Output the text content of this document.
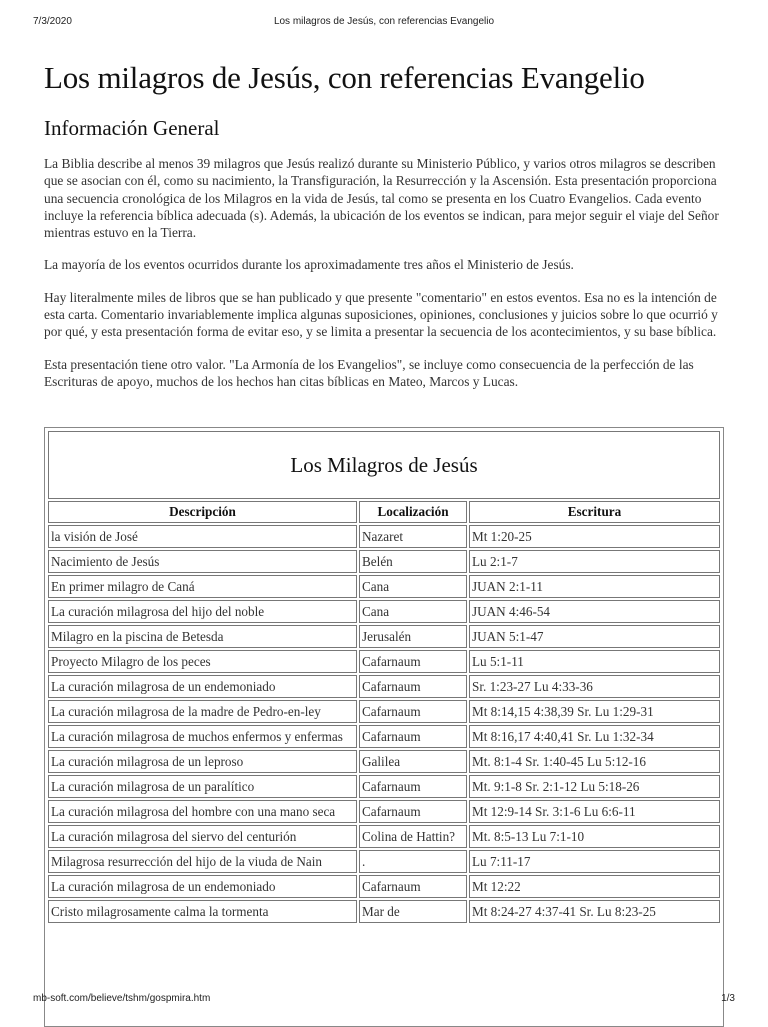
7/3/2020	Los milagros de Jesús, con referencias Evangelio
Los milagros de Jesús, con referencias Evangelio
Información General

La Biblia describe al menos 39 milagros que Jesús realizó durante su Ministerio Público, y varios otros milagros se describen que se asocian con él, como su nacimiento, la Transfiguración, la Resurrección y la Ascensión. Esta presentación proporciona una secuencia cronológica de los Milagros en la vida de Jesús, tal como se presenta en los Cuatro Evangelios. Cada evento incluye la referencia bíblica adecuada (s). Además, la ubicación de los eventos se indican, para mejor seguir el viaje del Señor mientras estuvo en la Tierra.

La mayoría de los eventos ocurridos durante los aproximadamente tres años el Ministerio de Jesús.

Hay literalmente miles de libros que se han publicado y que presente "comentario" en estos eventos. Esa no es la intención de esta carta. Comentario invariablemente implica algunas suposiciones, opiniones, conclusiones y juicios sobre lo que ocurrió y por qué, y esta presentación forma de evitar eso, y se limita a presentar la secuencia de los acontecimientos, y su base bíblica.

Esta presentación tiene otro valor. "La Armonía de los Evangelios", se incluye como consecuencia de la perfección de las Escrituras de apoyo, muchos de los hechos han citas bíblicas en Mateo, Marcos y Lucas.

Los Milagros de Jesús
Descripción	Localización	Escritura
la visión de José	Nazaret	Mt 1:20-25
Nacimiento de Jesús	Belén	Lu 2:1-7
En primer milagro de Caná	Cana	JUAN 2:1-11
La curación milagrosa del hijo del noble	Cana	JUAN 4:46-54
Milagro en la piscina de Betesda	Jerusalén	JUAN 5:1-47
Proyecto Milagro de los peces	Cafarnaum	Lu 5:1-11
La curación milagrosa de un endemoniado	Cafarnaum	Sr. 1:23-27 Lu 4:33-36
La curación milagrosa de la madre de Pedro-en-ley	Cafarnaum	Mt 8:14,15 4:38,39 Sr. Lu 1:29-31
La curación milagrosa de muchos enfermos y enfermas	Cafarnaum	Mt 8:16,17 4:40,41 Sr. Lu 1:32-34
La curación milagrosa de un leproso	Galilea	Mt. 8:1-4 Sr. 1:40-45 Lu 5:12-16
La curación milagrosa de un paralítico	Cafarnaum	Mt. 9:1-8 Sr. 2:1-12 Lu 5:18-26
La curación milagrosa del hombre con una mano seca	Cafarnaum	Mt 12:9-14 Sr. 3:1-6 Lu 6:6-11
La curación milagrosa del siervo del centurión	Colina de Hattin?	Mt. 8:5-13 Lu 7:1-10
Milagrosa resurrección del hijo de la viuda de Nain	.	Lu 7:11-17
La curación milagrosa de un endemoniado	Cafarnaum	Mt 12:22
Cristo milagrosamente calma la tormenta	Mar de	Mt 8:24-27 4:37-41 Sr. Lu 8:23-25
mb-soft.com/believe/tshm/gospmira.htm	1/3
